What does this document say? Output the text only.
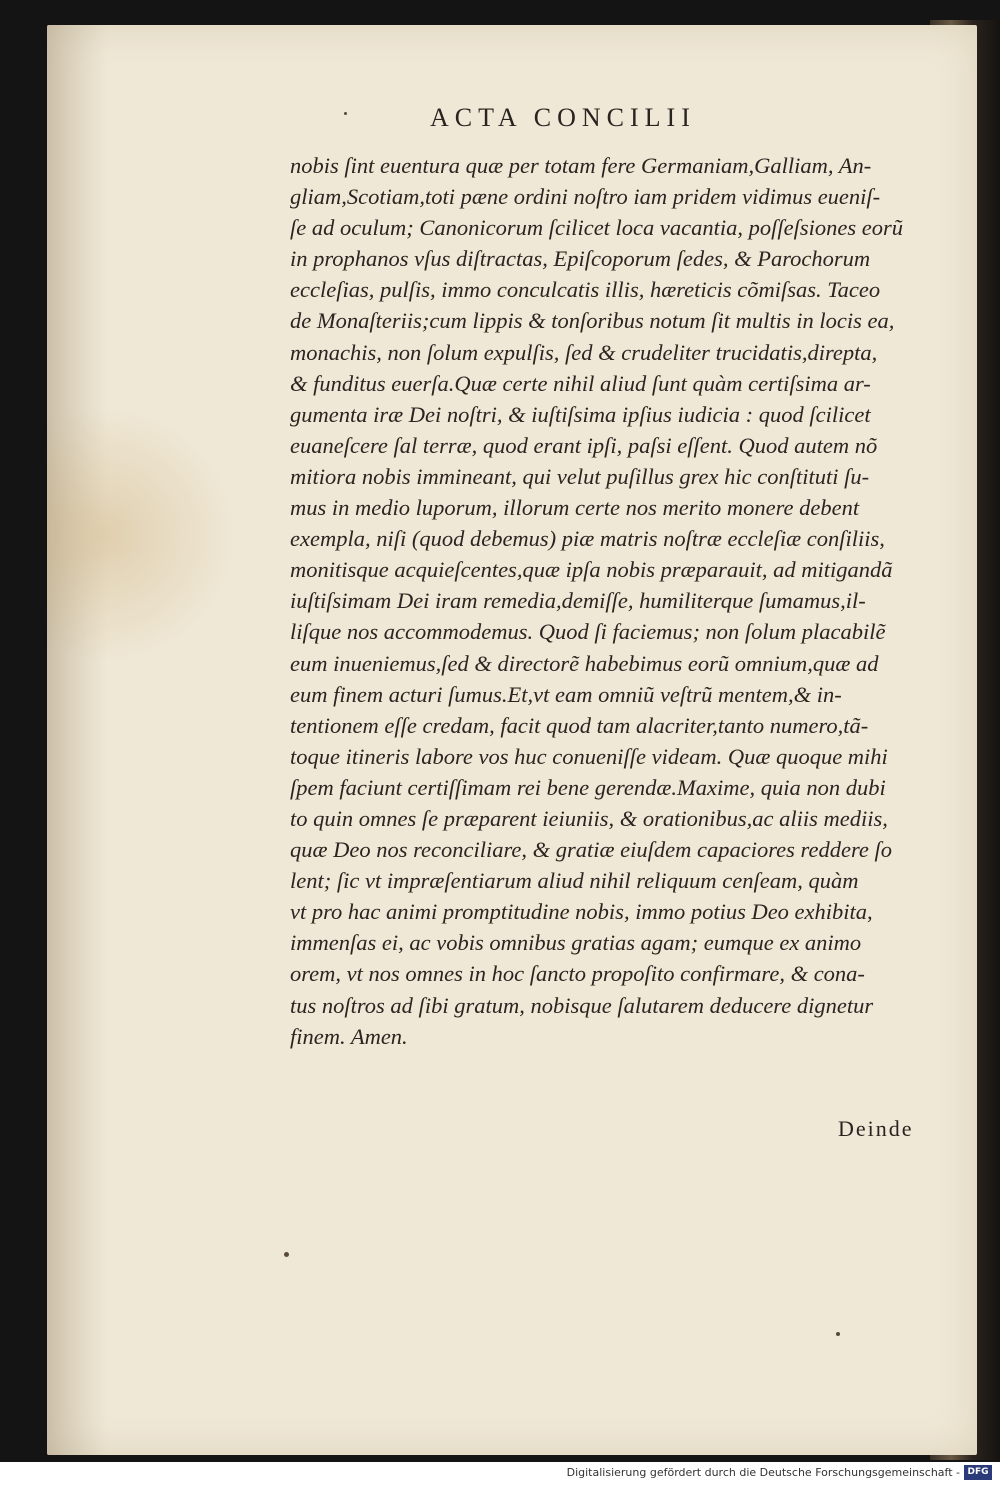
ACTA CONCILII
nobis ſint euentura quæ per totam fere Germaniam,Galliam, An-
gliam,Scotiam,toti pæne ordini noſtro iam pridem vidimus eueniſ-
ſe ad oculum; Canonicorum ſcilicet loca vacantia, poſſeſsiones eorũ
in prophanos vſus diſtractas, Epiſcoporum ſedes, & Parochorum
eccleſias, pulſis, immo conculcatis illis, hæreticis cõmiſsas. Taceo
de Monaſteriis;cum lippis & tonſoribus notum ſit multis in locis ea,
monachis, non ſolum expulſis, ſed & crudeliter trucidatis,direpta,
& funditus euerſa.Quæ certe nihil aliud ſunt quàm certiſsima ar-
gumenta iræ Dei noſtri, & iuſtiſsima ipſius iudicia : quod ſcilicet
euaneſcere ſal terræ, quod erant ipſi, paſsi eſſent. Quod autem nõ
mitiora nobis immineant, qui velut puſillus grex hic conſtituti ſu-
mus in medio luporum, illorum certe nos merito monere debent
exempla, niſi (quod debemus) piæ matris noſtræ eccleſiæ conſiliis,
monitisque acquieſcentes,quæ ipſa nobis præparauit, ad mitigandã
iuſtiſsimam Dei iram remedia,demiſſe, humiliterque ſumamus,il-
liſque nos accommodemus. Quod ſi faciemus; non ſolum placabilẽ
eum inueniemus,ſed & directorẽ habebimus eorũ omnium,quæ ad
eum finem acturi ſumus.Et,vt eam omniũ veſtrũ mentem,& in-
tentionem eſſe credam, facit quod tam alacriter,tanto numero,tã-
toque itineris labore vos huc conueniſſe videam. Quæ quoque mihi
ſpem faciunt certiſſimam rei bene gerendæ.Maxime, quia non dubi
to quin omnes ſe præparent ieiuniis, & orationibus,ac aliis mediis,
quæ Deo nos reconciliare, & gratiæ eiuſdem capaciores reddere ſo
lent; ſic vt impræſentiarum aliud nihil reliquum cenſeam, quàm
vt pro hac animi promptitudine nobis, immo potius Deo exhibita,
immenſas ei, ac vobis omnibus gratias agam; eumque ex animo
orem, vt nos omnes in hoc ſancto propoſito confirmare, & cona-
tus noſtros ad ſibi gratum, nobisque ſalutarem deducere dignetur
finem. Amen.
Deinde
Digitalisierung gefördert durch die Deutsche Forschungsgemeinschaft - DFG
